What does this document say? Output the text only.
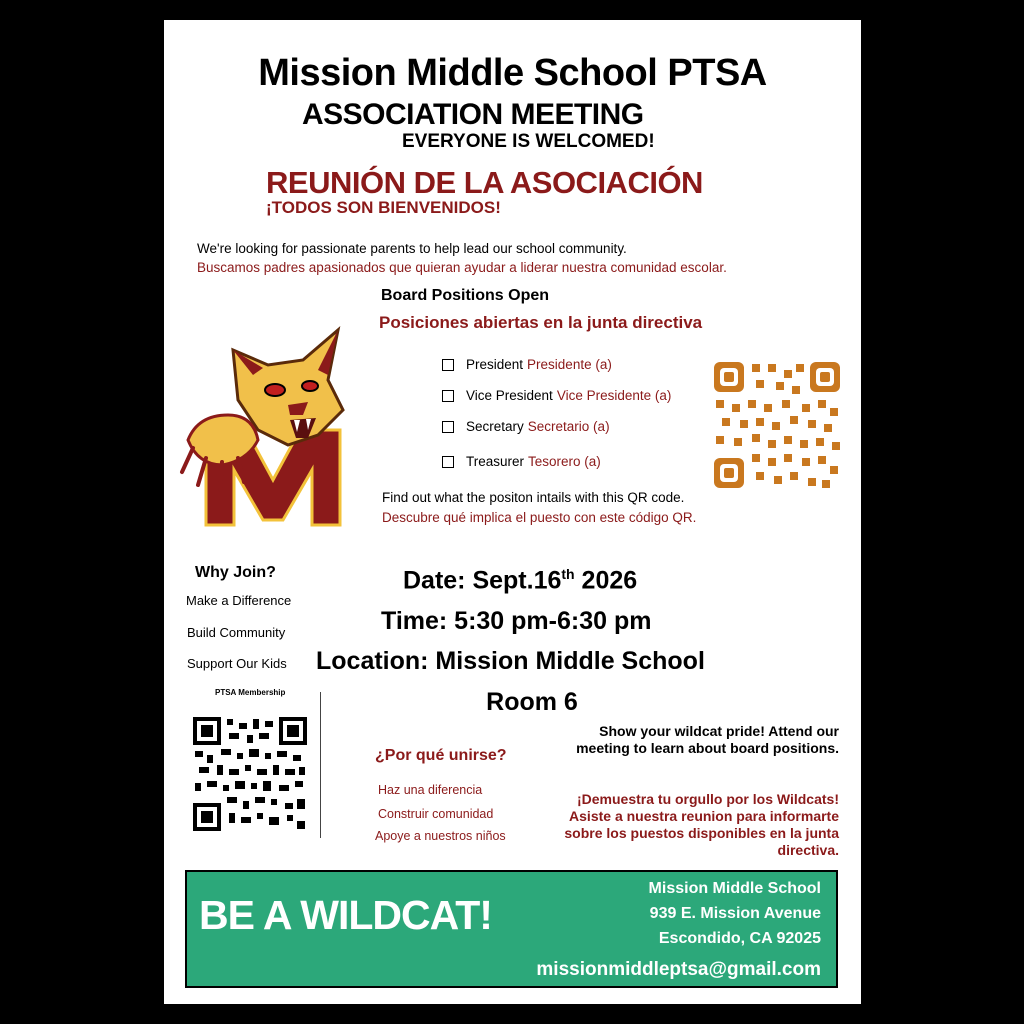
Mission Middle School PTSA
ASSOCIATION MEETING
EVERYONE IS WELCOMED!
REUNIÓN DE LA ASOCIACIÓN
¡TODOS SON BIENVENIDOS!
We're looking for passionate parents to help lead our school community.
Buscamos padres apasionados que quieran ayudar a liderar nuestra comunidad escolar.
Board Positions Open
Posiciones abiertas en la junta directiva
President Presidente (a)
Vice President Vice Presidente (a)
Secretary Secretario (a)
Treasurer Tesorero (a)
Find out what the positon intails with this QR code.
Descubre qué implica el puesto con este código QR.
Why Join?
Make a Difference
Build Community
Support Our Kids
PTSA Membership
Date: Sept.16th 2026
Time: 5:30 pm-6:30 pm
Location: Mission Middle School
Room 6
¿Por qué unirse?
Haz una diferencia
Construir comunidad
Apoye a nuestros niños
Show your wildcat pride! Attend our meeting to learn about board positions.
¡Demuestra tu orgullo por los Wildcats! Asiste a nuestra reunion para informarte sobre los puestos disponibles en la junta directiva.
BE A WILDCAT!
Mission Middle School
939 E. Mission Avenue
Escondido, CA 92025
missionmiddleptsa@gmail.com
